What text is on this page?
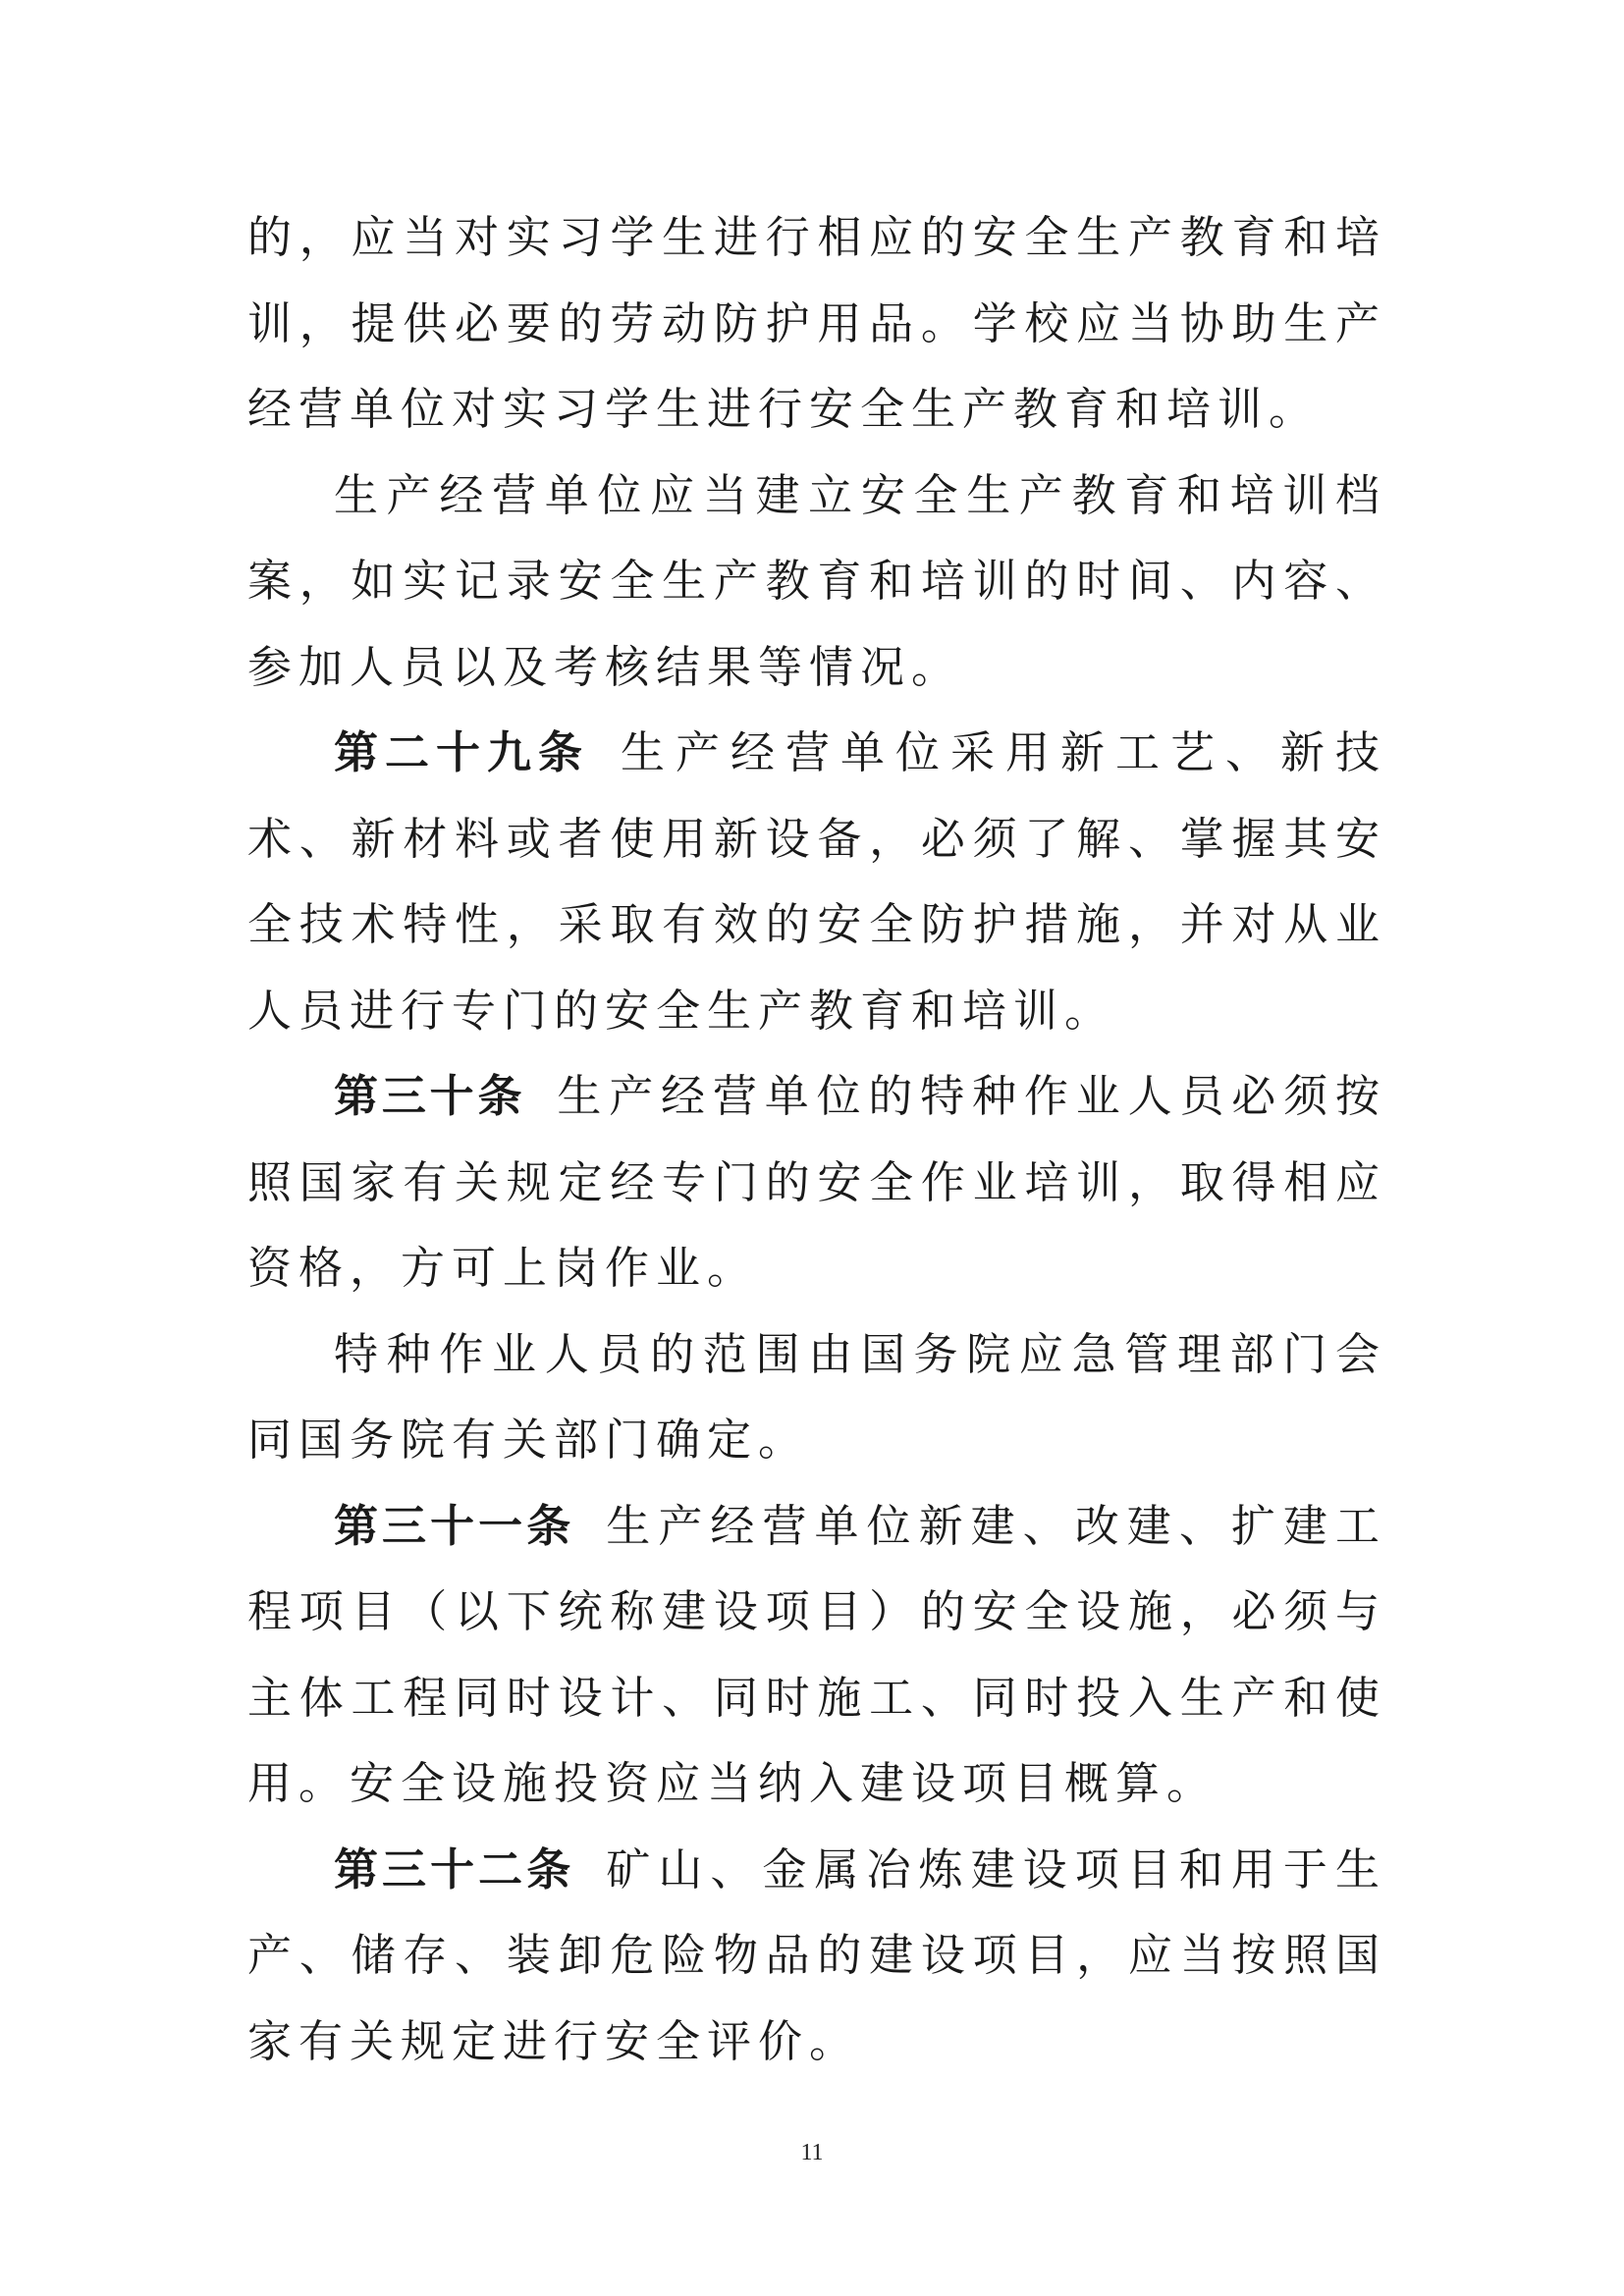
的，应当对实习学生进行相应的安全生产教育和培训，提供必要的劳动防护用品。学校应当协助生产经营单位对实习学生进行安全生产教育和培训。

生产经营单位应当建立安全生产教育和培训档案，如实记录安全生产教育和培训的时间、内容、参加人员以及考核结果等情况。

第二十九条 生产经营单位采用新工艺、新技术、新材料或者使用新设备，必须了解、掌握其安全技术特性，采取有效的安全防护措施，并对从业人员进行专门的安全生产教育和培训。

第三十条 生产经营单位的特种作业人员必须按照国家有关规定经专门的安全作业培训，取得相应资格，方可上岗作业。

特种作业人员的范围由国务院应急管理部门会同国务院有关部门确定。

第三十一条 生产经营单位新建、改建、扩建工程项目（以下统称建设项目）的安全设施，必须与主体工程同时设计、同时施工、同时投入生产和使用。安全设施投资应当纳入建设项目概算。

第三十二条 矿山、金属冶炼建设项目和用于生产、储存、装卸危险物品的建设项目，应当按照国家有关规定进行安全评价。

11
